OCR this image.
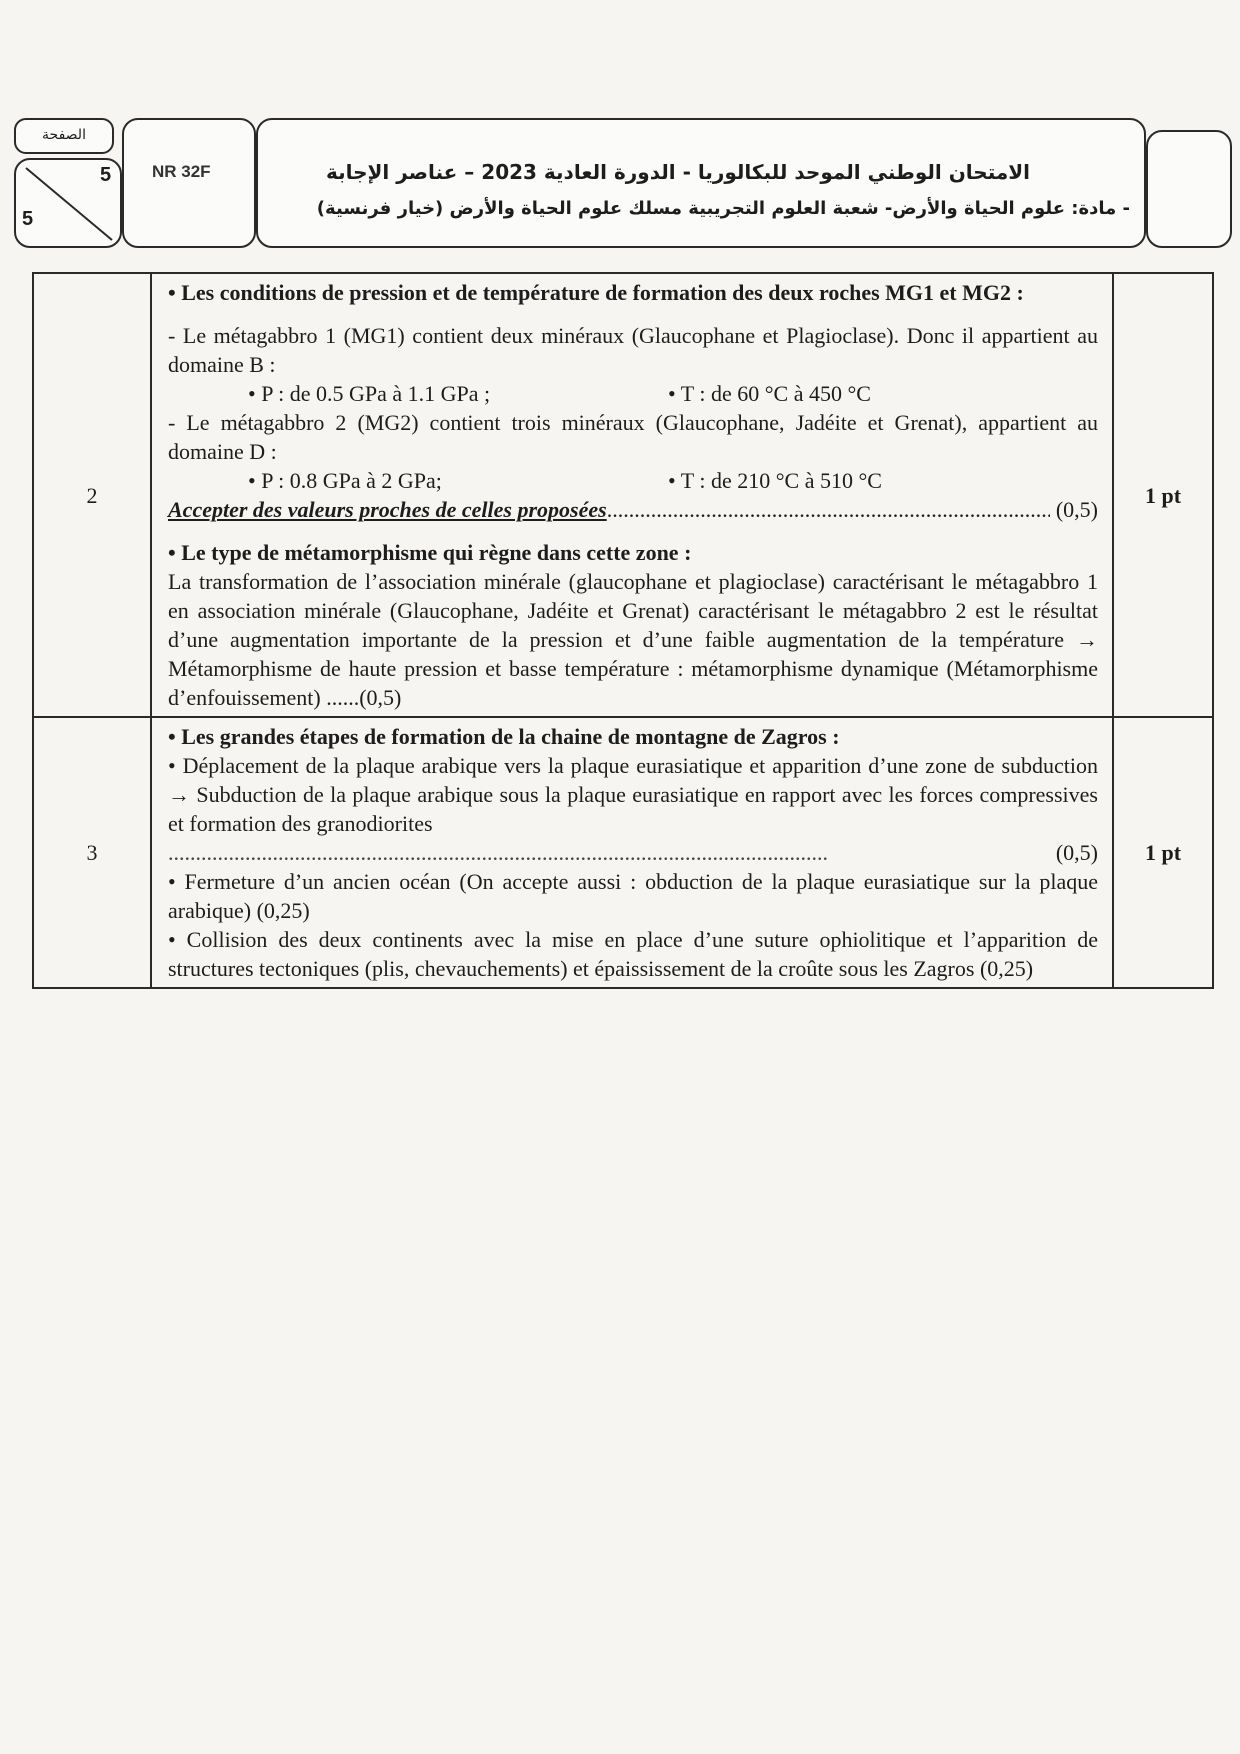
الصفحة
5
5
NR 32F	الامتحان الوطني الموحد للبكالوريا - الدورة العادية 2023 – عناصر الإجابة
- مادة: علوم الحياة والأرض- شعبة العلوم التجريبية مسلك علوم الحياة والأرض (خيار فرنسية)
2	

• Les conditions de pression et de température de formation des deux roches MG1 et MG2 :

- Le métagabbro 1 (MG1) contient deux minéraux (Glaucophane et Plagioclase). Donc il appartient au domaine B :

• P : de 0.5 GPa à 1.1 GPa ;	• T : de 60 °C à 450 °C

- Le métagabbro 2 (MG2) contient trois minéraux (Glaucophane, Jadéite et Grenat), appartient au domaine D :

• P : 0.8 GPa à 2 GPa;	• T : de 210 °C à 510 °C
Accepter des valeurs proches de celles proposées
.....	(0,5)

• Le type de métamorphisme qui règne dans cette zone :

La transformation de l’association minérale (glaucophane et plagioclase) caractérisant le métagabbro 1 en association minérale (Glaucophane, Jadéite et Grenat) caractérisant le métagabbro 2 est le résultat d’une augmentation importante de la pression et d’une faible augmentation de la température → Métamorphisme de haute pression et basse température : métamorphisme dynamique (Métamorphisme d’enfouissement) ......(0,5)

	1 pt
3	

• Les grandes étapes de formation de la chaine de montagne de Zagros :

• Déplacement de la plaque arabique vers la plaque eurasiatique et apparition d’une zone de subduction → Subduction de la plaque arabique sous la plaque eurasiatique en rapport avec les forces compressives et formation des granodiorites
........................................................................................................................	(0,5)

• Fermeture d’un ancien océan (On accepte aussi : obduction de la plaque eurasiatique sur la plaque arabique) (0,25)

• Collision des deux continents avec la mise en place d’une suture ophiolitique et l’apparition de structures tectoniques (plis, chevauchements) et épaississement de la croûte sous les Zagros (0,25)

	1 pt
